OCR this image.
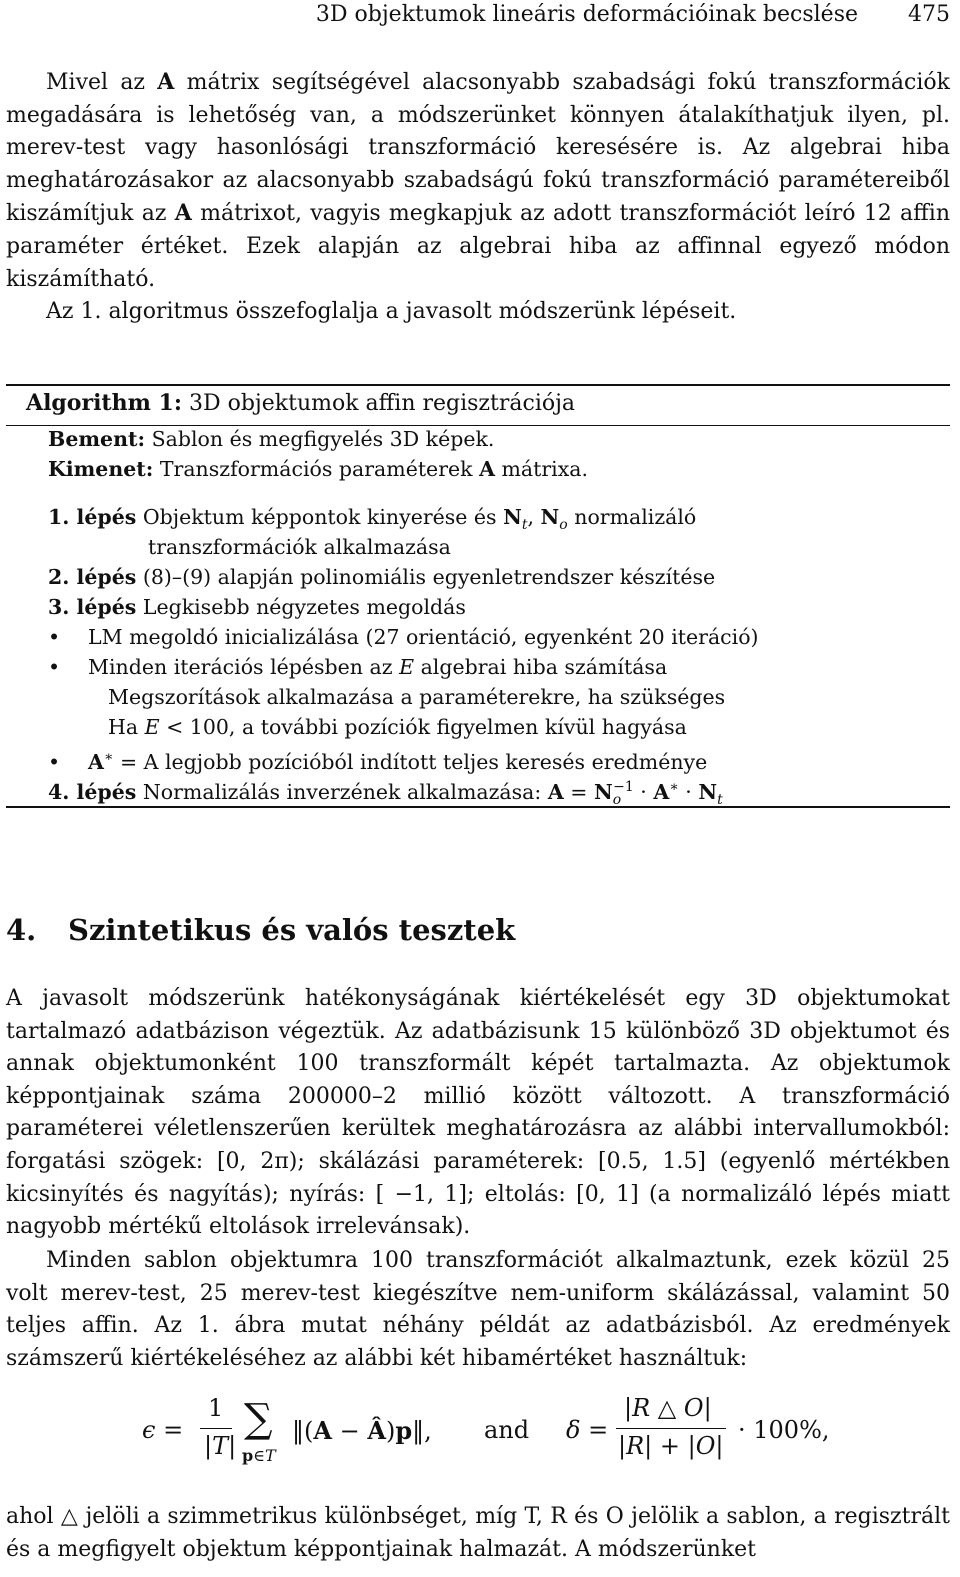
3D objektumok lineáris deformációinak becslése 475
Mivel az A mátrix segítségével alacsonyabb szabadsági fokú transzformációk megadására is lehetőség van, a módszerünket könnyen átalakíthatjuk ilyen, pl. merev-test vagy hasonlósági transzformáció keresésére is. Az algebrai hiba meghatározásakor az alacsonyabb szabadságú fokú transzformáció paramétereiből kiszámítjuk az A mátrixot, vagyis megkapjuk az adott transzformációt leíró 12 affin paraméter értéket. Ezek alapján az algebrai hiba az affinnal egyező módon kiszámítható.
Az 1. algoritmus összefoglalja a javasolt módszerünk lépéseit.
Algorithm 1: 3D objektumok affin regisztrációja
Bement: Sablon és megfigyelés 3D képek.
Kimenet: Transzformációs paraméterek A mátrixa.
1. lépés Objektum képpontok kinyerése és $N_t$, $N_o$ normalizáló
transzformációk alkalmazása
2. lépés (8)–(9) alapján polinomiális egyenletrendszer készítése
3. lépés Legkisebb négyzetes megoldás
• LM megoldó inicializálása (27 orientáció, egyenként 20 iteráció)
• Minden iterációs lépésben az E algebrai hiba számítása
Megszorítások alkalmazása a paraméterekre, ha szükséges
Ha E < 100, a további pozíciók figyelmen kívül hagyása
• A∗ = A legjobb pozícióból indított teljes keresés eredménye
4. lépés Normalizálás inverzének alkalmazása: $A = N_o^{-1} \cdot A^∗ \cdot N_t$
4. Szintetikus és valós tesztek
A javasolt módszerünk hatékonyságának kiértékelését egy 3D objektumokat tartalmazó adatbázison végeztük. Az adatbázisunk 15 különböző 3D objektumot és annak objektumonként 100 transzformált képét tartalmazta. Az objektumok képpontjainak száma 200000–2 millió között változott. A transzformáció paraméterei véletlenszerűen kerültek meghatározásra az alábbi intervallumokból: forgatási szögek: [0, 2π); skálázási paraméterek: [0.5, 1.5] (egyenlő mértékben kicsinyítés és nagyítás); nyírás: [ −1, 1]; eltolás: [0, 1] (a normalizáló lépés miatt nagyobb mértékű eltolások irrelevánsak).
Minden sablon objektumra 100 transzformációt alkalmaztunk, ezek közül 25 volt merev-test, 25 merev-test kiegészítve nem-uniform skálázással, valamint 50 teljes affin. Az 1. ábra mutat néhány példát az adatbázisból. Az eredmények számszerű kiértékeléséhez az alábbi két hibamértéket használtuk:
ϵ =
1
|T|
∑
p∈T
‖(A − Â)p‖, and δ =
|R △ O|
|R| + |O|
· 100%,
ahol △ jelöli a szimmetrikus különbséget, míg T, R és O jelölik a sablon, a regisztrált és a megfigyelt objektum képpontjainak halmazát. A módszerünket
